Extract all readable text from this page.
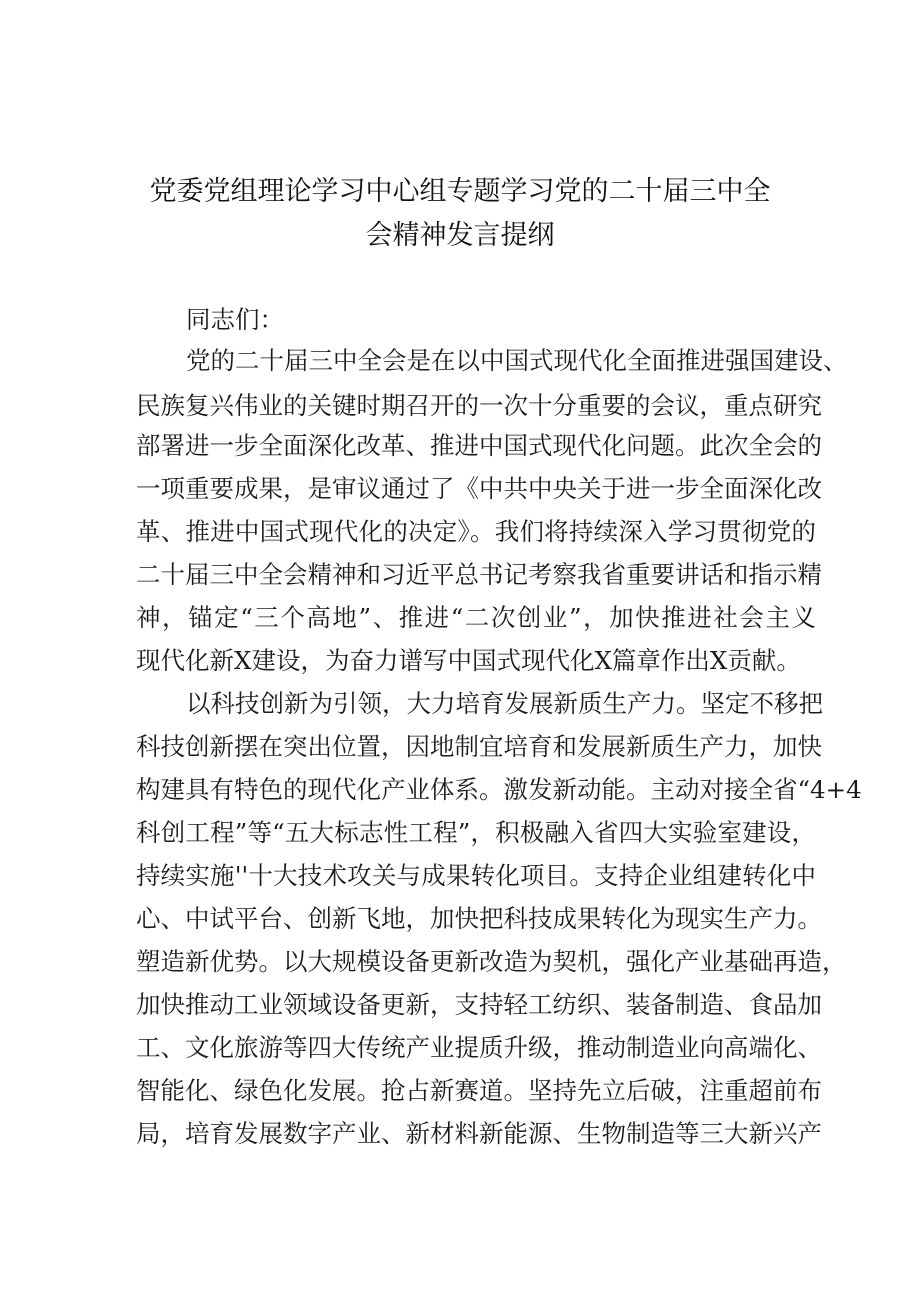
党委党组理论学习中心组专题学习党的二十届三中全
会精神发言提纲

同志们：

党的二十届三中全会是在以中国式现代化全面推进强国建设、

民族复兴伟业的关键时期召开的一次十分重要的会议，重点研究

部署进一步全面深化改革、推进中国式现代化问题。此次全会的

一项重要成果，是审议通过了《中共中央关于进一步全面深化改

革、推进中国式现代化的决定》。我们将持续深入学习贯彻党的

二十届三中全会精神和习近平总书记考察我省重要讲话和指示精

神，锚定“三个高地”、推进“二次创业”，加快推进社会主义

现代化新X建设，为奋力谱写中国式现代化X篇章作出X贡献。

以科技创新为引领，大力培育发展新质生产力。坚定不移把

科技创新摆在突出位置，因地制宜培育和发展新质生产力，加快

构建具有特色的现代化产业体系。激发新动能。主动对接全省“4+4

科创工程”等“五大标志性工程”，积极融入省四大实验室建设，

持续实施''十大技术攻关与成果转化项目。支持企业组建转化中

心、中试平台、创新飞地，加快把科技成果转化为现实生产力。

塑造新优势。以大规模设备更新改造为契机，强化产业基础再造，

加快推动工业领域设备更新，支持轻工纺织、装备制造、食品加

工、文化旅游等四大传统产业提质升级，推动制造业向高端化、

智能化、绿色化发展。抢占新赛道。坚持先立后破，注重超前布

局，培育发展数字产业、新材料新能源、生物制造等三大新兴产
